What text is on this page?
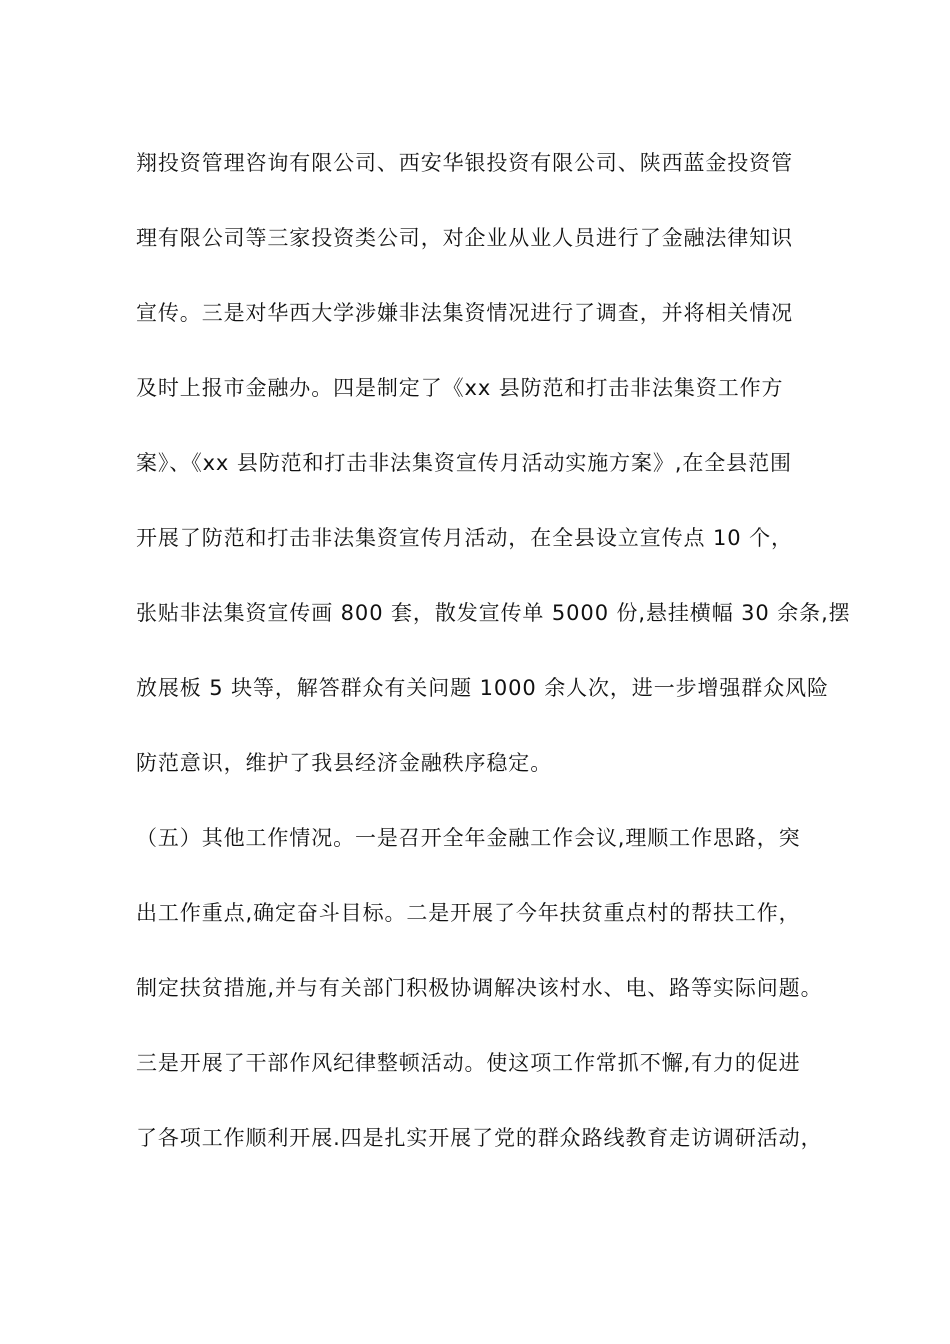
翔投资管理咨询有限公司、西安华银投资有限公司、陕西蓝金投资管
理有限公司等三家投资类公司，对企业从业人员进行了金融法律知识
宣传。三是对华西大学涉嫌非法集资情况进行了调查，并将相关情况
及时上报市金融办。四是制定了《xx 县防范和打击非法集资工作方
案》、《xx 县防范和打击非法集资宣传月活动实施方案》,在全县范围
开展了防范和打击非法集资宣传月活动，在全县设立宣传点 10 个，
张贴非法集资宣传画 800 套，散发宣传单 5000 份,悬挂横幅 30 余条,摆
放展板 5 块等，解答群众有关问题 1000 余人次，进一步增强群众风险
防范意识，维护了我县经济金融秩序稳定。
（五）其他工作情况。一是召开全年金融工作会议,理顺工作思路，突
出工作重点,确定奋斗目标。二是开展了今年扶贫重点村的帮扶工作，
制定扶贫措施,并与有关部门积极协调解决该村水、电、路等实际问题。
三是开展了干部作风纪律整顿活动。使这项工作常抓不懈,有力的促进
了各项工作顺利开展.四是扎实开展了党的群众路线教育走访调研活动，
